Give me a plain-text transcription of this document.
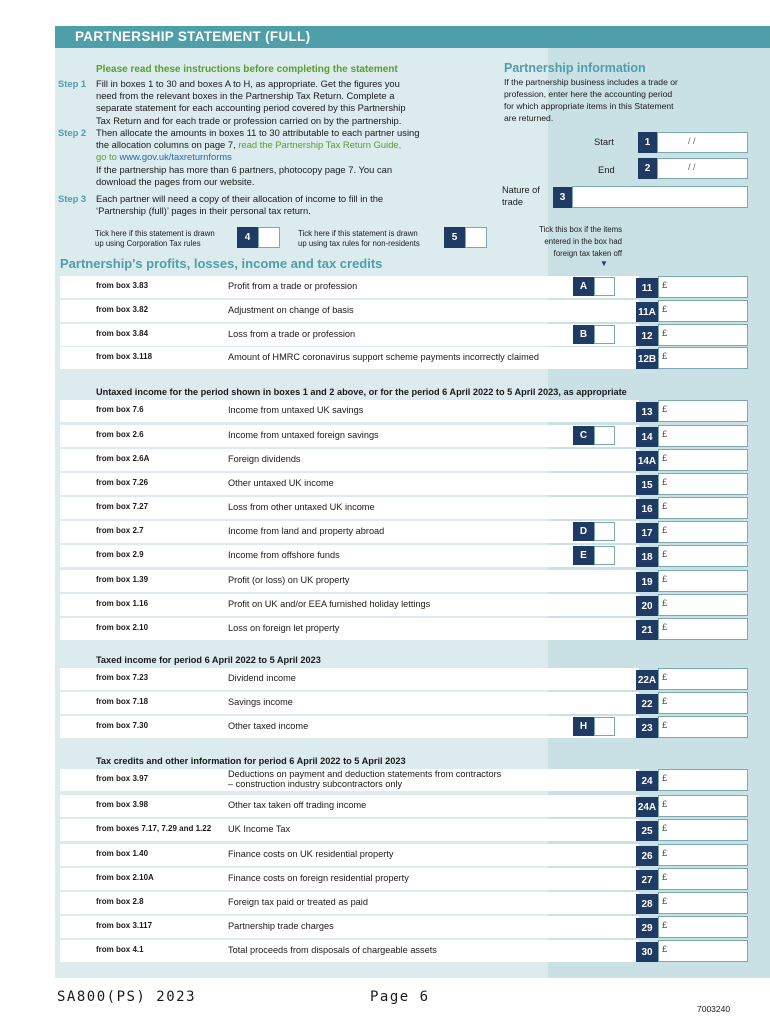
PARTNERSHIP STATEMENT (FULL)
Please read these instructions before completing the statement
Step 1 Fill in boxes 1 to 30 and boxes A to H, as appropriate. Get the figures you
need from the relevant boxes in the Partnership Tax Return. Complete a
separate statement for each accounting period covered by this Partnership
Tax Return and for each trade or profession carried on by the partnership.
Step 2 Then allocate the amounts in boxes 11 to 30 attributable to each partner using
the allocation columns on page 7, read the Partnership Tax Return Guide,
go to www.gov.uk/taxreturnforms
If the partnership has more than 6 partners, photocopy page 7. You can
download the pages from our website.
Step 3 Each partner will need a copy of their allocation of income to fill in the
‘Partnership (full)’ pages in their personal tax return.
Tick here if this statement is drawn
up using Corporation Tax rules	4	Tick here if this statement is drawn
up using tax rules for non-residents	5
Partnership information
If the partnership business includes a trade or
profession, enter here the accounting period
for which appropriate items in this Statement
are returned.
Start	1	/ /
End	2	/ /
Nature of
trade	3
Tick this box if the items
entered in the box had
foreign tax taken off
▼
Partnership's profits, losses, income and tax credits
Untaxed income for the period shown in boxes 1 and 2 above, or for the period 6 April 2022 to 5 April 2023, as appropriate
Taxed income for period 6 April 2022 to 5 April 2023
Tax credits and other information for period 6 April 2022 to 5 April 2023
from box 3.83	Profit from a trade or profession	A	11	£
from box 3.82	Adjustment on change of basis	11A £
from box 3.84	Loss from a trade or profession	B	12 £
from box 3.118	Amount of HMRC coronavirus support scheme payments incorrectly claimed	12B £
from box 7.6	Income from untaxed UK savings	13 £
from box 2.6	Income from untaxed foreign savings	C	14 £
from box 2.6A	Foreign dividends	14A £
from box 7.26	Other untaxed UK income	15 £
from box 7.27	Loss from other untaxed UK income	16 £
from box 2.7	Income from land and property abroad	D	17 £
from box 2.9	Income from offshore funds	E	18 £
from box 1.39	Profit (or loss) on UK property	19 £
from box 1.16	Profit on UK and/or EEA furnished holiday lettings	20 £
from box 2.10	Loss on foreign let property	21 £
from box 7.23	Dividend income	22A £
from box 7.18	Savings income	22 £
from box 7.30	Other taxed income	H	23 £
from box 3.97	Deductions on payment and deduction statements from contractors
– construction industry subcontractors only	24 £
from box 3.98	Other tax taken off trading income	24A £
from boxes 7.17, 7.29 and 1.22 UK Income Tax	25 £
from box 1.40	Finance costs on UK residential property	26 £
from box 2.10A	Finance costs on foreign residential property	27 £
from box 2.8	Foreign tax paid or treated as paid	28 £
from box 3.117	Partnership trade charges	29 £
from box 4.1	Total proceeds from disposals of chargeable assets	30 £
SA800(PS) 2023	Page 6
7003240
